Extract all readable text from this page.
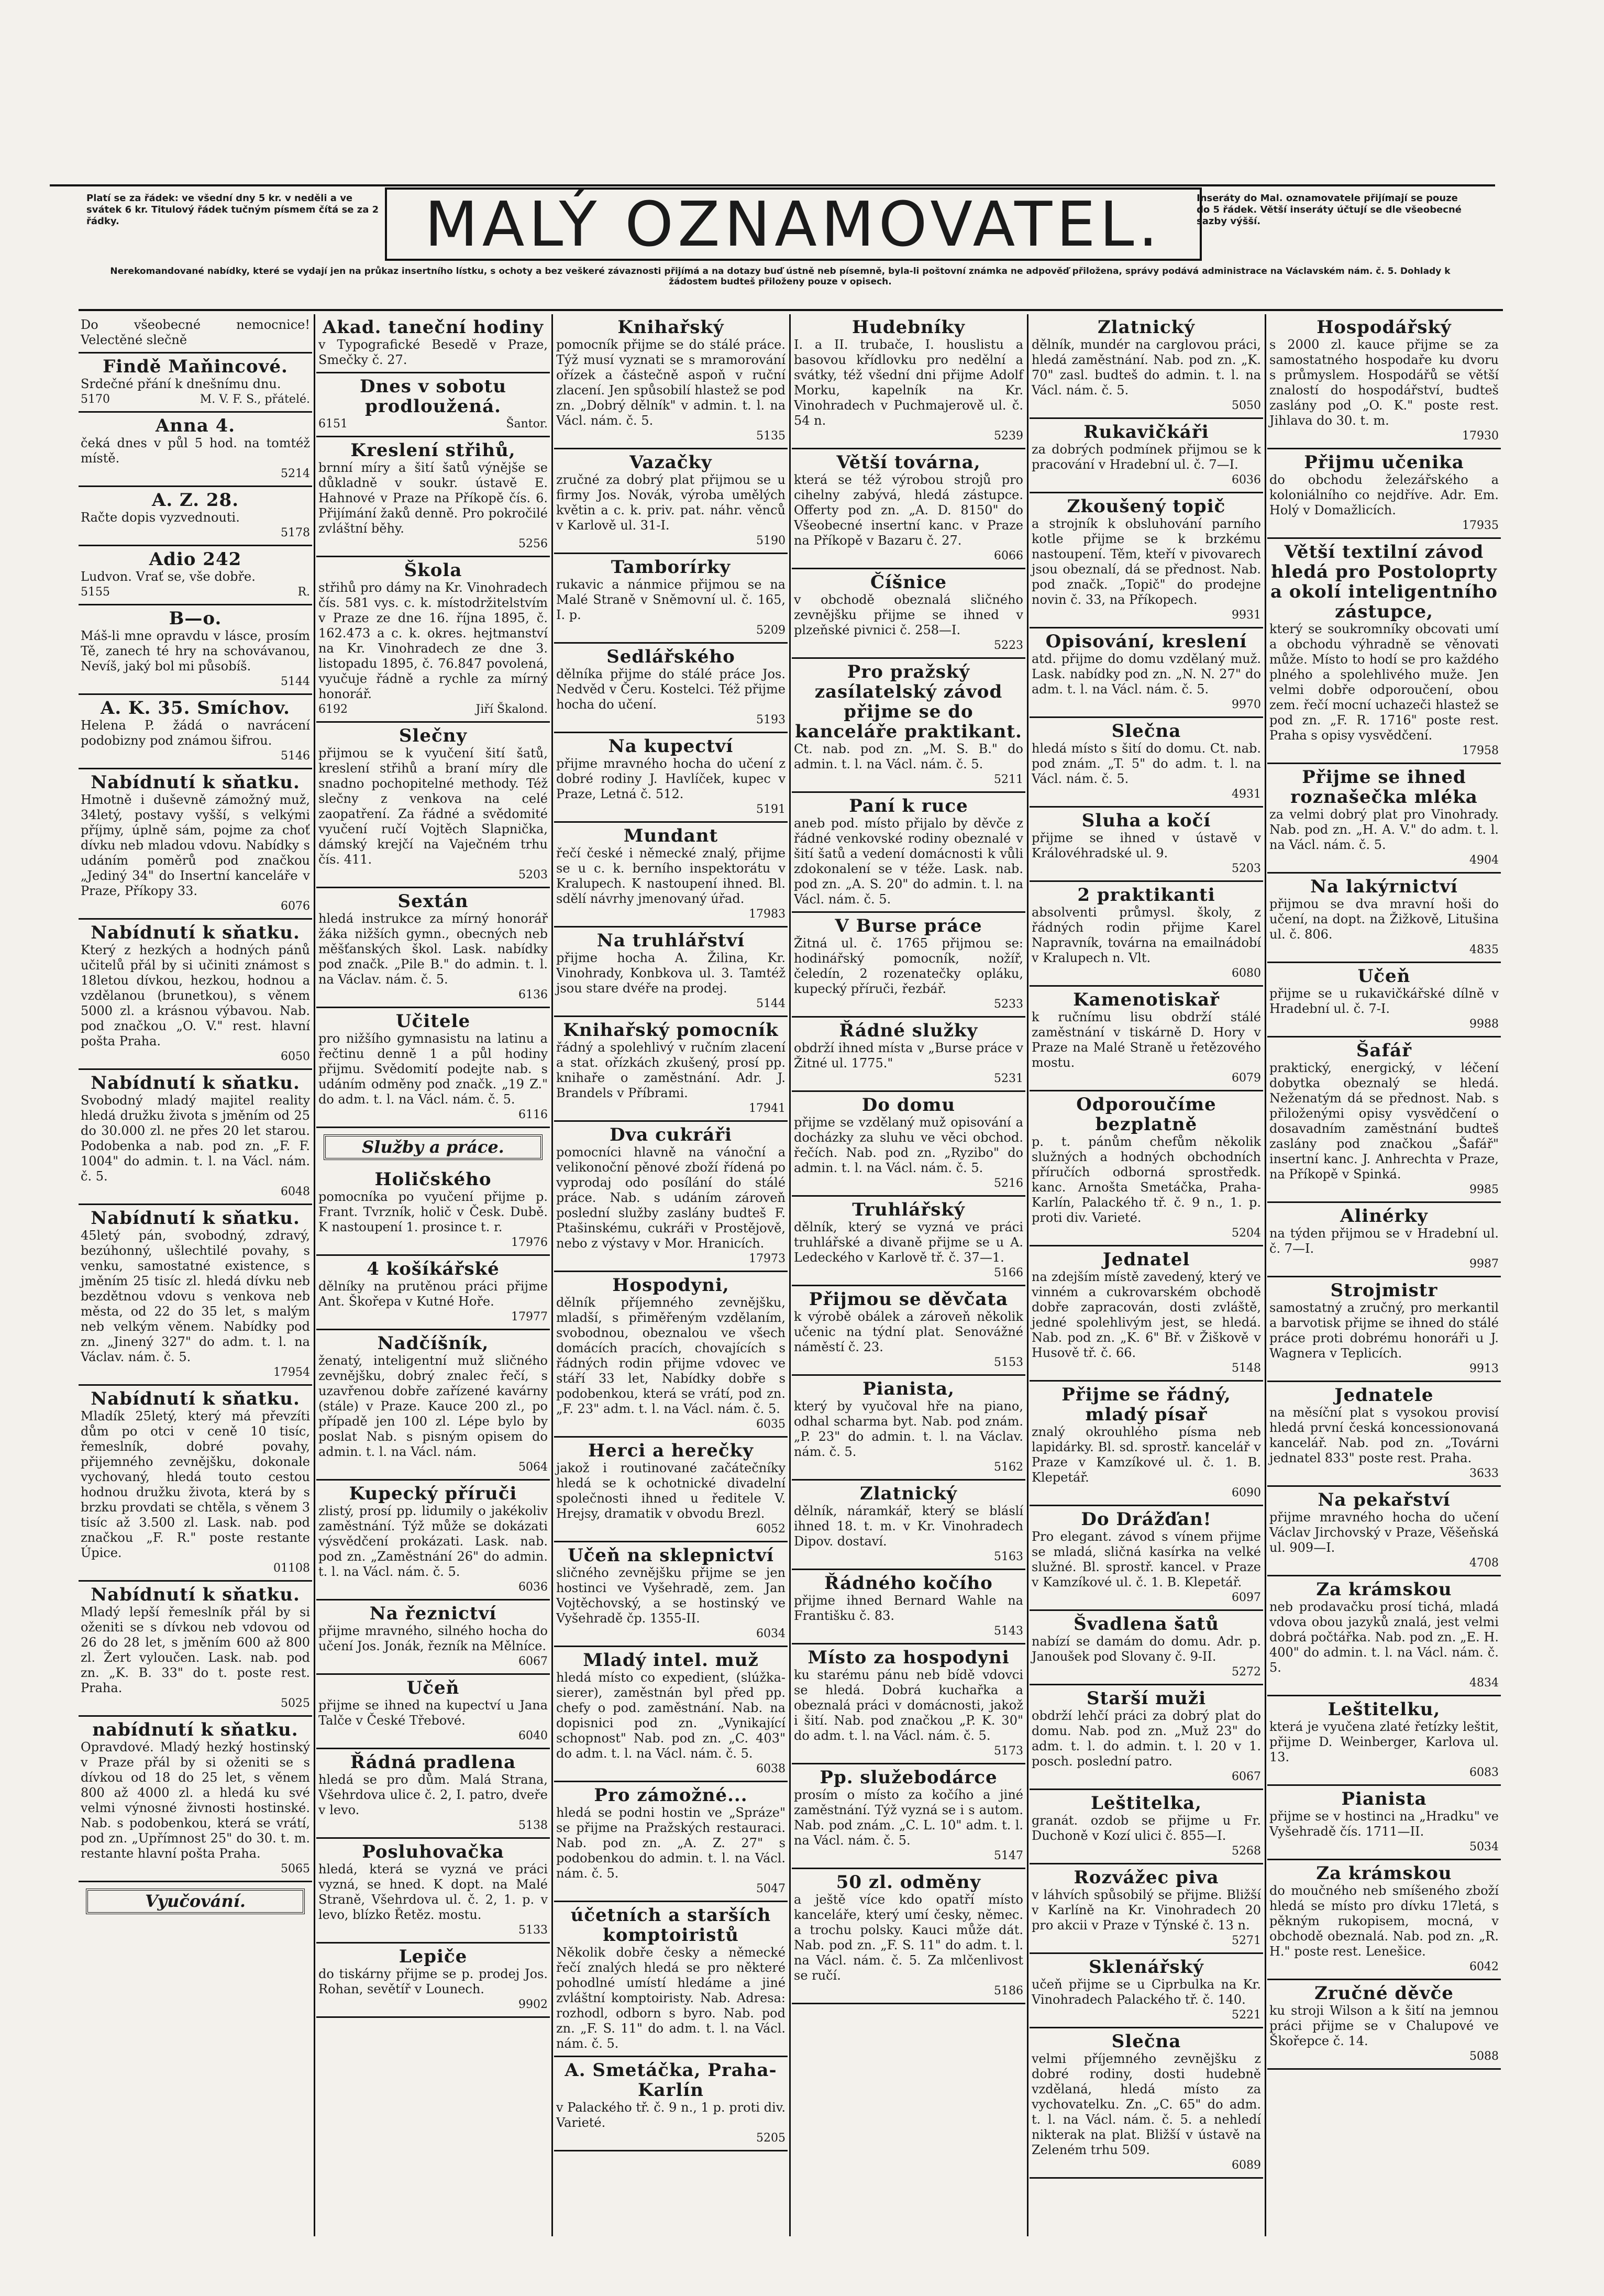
Platí se za řádek: ve všední dny 5 kr. v neděli a ve svátek 6 kr. Titulový řádek tučným písmem čítá se za 2 řádky.	MALÝ OZNAMOVATEL.	Inseráty do Mal. oznamovatele přijímají se pouze do 5 řádek. Větší inseráty účtují se dle všeobecné sazby výšší.
Nerekomandované nabídky, které se vydají jen na průkaz insertního lístku, s ochoty a bez veškeré závaznosti přijímá a na dotazy buď ústně neb písemně, byla-li poštovní známka ne adpověď přiložena, správy podává administrace na Václavském nám. č. 5. Dohlady k žádostem budteš přiloženy pouze v opisech.
Do všeobecné nemocnice! Velectěné slečně
Findě Maňincové.
Srdečné přání k dnešnímu dnu.
5170	M. V. F. S., přátelé.
Anna 4.
čeká dnes v půl 5 hod. na tomtéž místě.
5214
A. Z. 28.
Račte dopis vyzvednouti.
5178
Adio 242
Ludvon. Vrať se, vše dobře.
5155	R.
B—o.
Máš-li mne opravdu v lásce, prosím Tě, zanech té hry na schovávanou, Nevíš, jaký bol mi působíš.
5144
A. K. 35. Smíchov.
Helena P. žádá o navrácení podobizny pod známou šifrou.
5146
Nabídnutí k sňatku.
Hmotně i duševně zámožný muž, 34letý, postavy vyšší, s velkými příjmy, úplně sám, pojme za choť dívku neb mladou vdovu. Nabídky s udáním poměrů pod značkou „Jediný 34" do Insertní kanceláře v Praze, Příkopy 33.
6076
Nabídnutí k sňatku.
Který z hezkých a hodných pánů učitelů přál by si učiniti známost s 18letou dívkou, hezkou, hodnou a vzdělanou (brunetkou), s věnem 5000 zl. a krásnou výbavou. Nab. pod značkou „O. V." rest. hlavní pošta Praha.
6050
Nabídnutí k sňatku.
Svobodný mladý majitel reality hledá družku života s jměním od 25 do 30.000 zl. ne přes 20 let starou. Podobenka a nab. pod zn. „F. F. 1004" do admin. t. l. na Václ. nám. č. 5.
6048
Nabídnutí k sňatku.
45letý pán, svobodný, zdravý, bezúhonný, ušlechtilé povahy, s venku, samostatné existence, s jměním 25 tisíc zl. hledá dívku neb bezdětnou vdovu s venkova neb města, od 22 do 35 let, s malým neb velkým věnem. Nabídky pod zn. „Jinený 327" do adm. t. l. na Václav. nám. č. 5.
17954
Nabídnutí k sňatku.
Mladík 25letý, který má převzíti dům po otci v ceně 10 tisíc, řemeslník, dobré povahy, přijemného zevnějšku, dokonale vychovaný, hledá touto cestou hodnou družku života, která by s brzku provdati se chtěla, s věnem 3 tisíc až 3.500 zl. Lask. nab. pod značkou „F. R." poste restante Úpice.
01108
Nabídnutí k sňatku.
Mladý lepší řemeslník přál by si oženiti se s dívkou neb vdovou od 26 do 28 let, s jměním 600 až 800 zl. Žert vyloučen. Lask. nab. pod zn. „K. B. 33" do t. poste rest. Praha.
5025
nabídnutí k sňatku.
Opravdové. Mladý hezký hostinský v Praze přál by si oženiti se s dívkou od 18 do 25 let, s věnem 800 až 4000 zl. a hledá ku své velmi výnosné živnosti hostinské. Nab. s podobenkou, která se vrátí, pod zn. „Upřímnost 25" do 30. t. m. restante hlavní pošta Praha.
5065
Vyučování.
Akad. taneční hodiny
v Typografické Besedě v Praze, Smečky č. 27.
Dnes v sobotu prodloužená.
6151	Šantor.
Kreslení střihů,
brnní míry a šití šatů výnějše se důkladně v soukr. ústavě E. Hahnové v Praze na Příkopě čís. 6. Přijímání žaků denně. Pro pokročilé zvláštní běhy.
5256
Škola
střihů pro dámy na Kr. Vinohradech čís. 581 vys. c. k. místodržitelstvím v Praze ze dne 16. října 1895, č. 162.473 a c. k. okres. hejtmanství na Kr. Vinohradech ze dne 3. listopadu 1895, č. 76.847 povolená, vyučuje řádně a rychle za mírný honorář.
6192	Jiří Škalond.
Slečny
přijmou se k vyučení šití šatů, kreslení střihů a braní míry dle snadno pochopitelné methody. Též slečny z venkova na celé zaopatření. Za řádné a svědomité vyučení ručí Vojtěch Slapnička, dámský krejčí na Vaječném trhu čís. 411.
5203
Sextán
hledá instrukce za mírný honorář žáka nižších gymn., obecných neb měšťanských škol. Lask. nabídky pod značk. „Pile B." do admin. t. l. na Václav. nám. č. 5.
6136
Učitele
pro nižšího gymnasistu na latinu a řečtinu denně 1 a půl hodiny přijmu. Svědomití podejte nab. s udáním odměny pod značk. „19 Z." do adm. t. l. na Václ. nám. č. 5.
6116
Služby a práce.
Holičského
pomocníka po vyučení přijme p. Frant. Tvrzník, holič v Česk. Dubě. K nastoupení 1. prosince t. r.
17976
4 košíkářské
dělníky na prutěnou práci přijme Ant. Škořepa v Kutné Hoře.
17977
Nadčíšník,
ženatý, inteligentní muž sličného zevnějšku, dobrý znalec řečí, s uzavřenou dobře zařízené kavárny (stále) v Praze. Kauce 200 zl., po případě jen 100 zl. Lépe bylo by poslat Nab. s pisným opisem do admin. t. l. na Václ. nám.
5064
Kupecký příruči
zlistý, prosí pp. lidumily o jakékoliv zaměstnání. Týž může se dokázati výsvědčení prokázati. Lask. nab. pod zn. „Zaměstnání 26" do admin. t. l. na Václ. nám. č. 5.
6036
Na řeznictví
přijme mravného, silného hocha do učení Jos. Jonák, řezník na Mělníce.
6067
Učeň
přijme se ihned na kupectví u Jana Talče v České Třebové.
6040
Řádná pradlena
hledá se pro dům. Malá Strana, Všehrdova ulice č. 2, I. patro, dveře v levo.
5138
Posluhovačka
hledá, která se vyzná ve práci vyzná, se hned. K dopt. na Malé Straně, Všehrdova ul. č. 2, 1. p. v levo, blízko Řetěz. mostu.
5133
Lepiče
do tiskárny přijme se p. prodej Jos. Rohan, sevětíř v Lounech.
9902
Knihařský
pomocník přijme se do stálé práce. Týž musí vyznati se s mramorování ořízek a částečně aspoň v ruční zlacení. Jen spůsobilí hlastež se pod zn. „Dobrý dělník" v admin. t. l. na Václ. nám. č. 5.
5135
Vazačky
zručné za dobrý plat přijmou se u firmy Jos. Novák, výroba umělých květin a c. k. priv. pat. náhr. věnců v Karlově ul. 31-I.
5190
Tamborírky
rukavic a nánmice přijmou se na Malé Straně v Sněmovní ul. č. 165, I. p.
5209
Sedlářského
dělníka přijme do stálé práce Jos. Nedvěd v Čeru. Kostelci. Též přijme hocha do učení.
5193
Na kupectví
přijme mravného hocha do učení z dobré rodiny J. Havlíček, kupec v Praze, Letná č. 512.
5191
Mundant
řečí české i německé znalý, přijme se u c. k. berního inspektorátu v Kralupech. K nastoupení ihned. Bl. sdělí návrhy jmenovaný úřad.
17983
Na truhlářství
přijme hocha A. Žilina, Kr. Vinohrady, Konbkova ul. 3. Tamtéž jsou stare dvéře na prodej.
5144
Knihařský pomocník
řádný a spolehlivý v ručním zlacení a stat. ořízkách zkušený, prosí pp. knihaře o zaměstnání. Adr. J. Brandels v Příbrami.
17941
Dva cukráři
pomocníci hlavně na vánoční a velikonoční pěnové zboží řídená po vyprodaj odo posílání do stálé práce. Nab. s udáním zároveň poslední služby zaslány budteš F. Ptašinskému, cukráři v Prostějově, nebo z výstavy v Mor. Hranicích.
17973
Hospodyni,
dělník příjemného zevnějšku, mladší, s přiměřeným vzdělaním, svobodnou, obeznalou ve všech domácích pracích, chovajících s řádných rodin přijme vdovec ve stáří 33 let, Nabídky dobře s podobenkou, která se vrátí, pod zn. „F. 23" adm. t. l. na Václ. nám. č. 5.
6035
Herci a herečky
jakož i routinované začátečníky hledá se k ochotnické divadelní společnosti ihned u ředitele V. Hrejsy, dramatik v obvodu Brezl.
6052
Učeň na sklepnictví
sličného zevnějšku přijme se jen hostinci ve Vyšehradě, zem. Jan Vojtěchovský, a se hostinský ve Vyšehradě čp. 1355-II.
6034
Mladý intel. muž
hledá místo co expedient, (slúžka-sierer), zaměstnán byl před pp. chefy o pod. zaměstnání. Nab. na dopisnici pod zn. „Vynikající schopnost" Nab. pod zn. „C. 403" do adm. t. l. na Václ. nám. č. 5.
6038
Pro zámožné...
hledá se podni hostin ve „Spráze" se přijme na Pražských restauraci. Nab. pod zn. „A. Z. 27" s podobenkou do admin. t. l. na Václ. nám. č. 5.
5047
účetních a starších komptoiristů
Několik dobře česky a německé řečí znalých hledá se pro některé pohodlné umístí hledáme a jiné zvláštní komptoiristy. Nab. Adresa: rozhodl, odborn s byro. Nab. pod zn. „F. S. 11" do adm. t. l. na Václ. nám. č. 5.
A. Smetáčka, Praha-Karlín
v Palackého tř. č. 9 n., 1 p. proti div. Varieté.
5205
Hudebníky
I. a II. trubače, I. houslistu a basovou křídlovku pro nedělní a svátky, též všední dni přijme Adolf Morku, kapelník na Kr. Vinohradech v Puchmajerově ul. č. 54 n.
5239
Větší továrna,
která se též výrobou strojů pro cihelny zabývá, hledá zástupce. Offerty pod zn. „A. D. 8150" do Všeobecné insertní kanc. v Praze na Příkopě v Bazaru č. 27.
6066
Číšnice
v obchodě obeznalá sličného zevnějšku přijme se ihned v plzeňské pivnici č. 258—I.
5223
Pro pražský zasílatelský závod přijme se do kanceláře praktikant.
Ct. nab. pod zn. „M. S. B." do admin. t. l. na Václ. nám. č. 5.
5211
Paní k ruce
aneb pod. místo přijalo by děvče z řádné venkovské rodiny obeznalé v šití šatů a vedení domácnosti k vůli zdokonalení se v téže. Lask. nab. pod zn. „A. S. 20" do admin. t. l. na Václ. nám. č. 5.
V Burse práce
Žitná ul. č. 1765 přijmou se: hodinářský pomocník, nožíř, čeledín, 2 rozenatečky opláku, kupecký příruči, řezbář.
5233
Řádné služky
obdrží ihned místa v „Burse práce v Žitné ul. 1775."
5231
Do domu
přijme se vzdělaný muž opisování a docházky za sluhu ve věci obchod. řečích. Nab. pod zn. „Ryzibo" do admin. t. l. na Václ. nám. č. 5.
5216
Truhlářský
dělník, který se vyzná ve práci truhlářské a divaně přijme se u A. Ledeckého v Karlově tř. č. 37—1.
5166
Přijmou se děvčata
k výrobě obálek a zároveň několik učenic na týdní plat. Senovážné náměstí č. 23.
5153
Pianista,
který by vyučoval hře na piano, odhal scharma byt. Nab. pod znám. „P. 23" do admin. t. l. na Václav. nám. č. 5.
5162
Zlatnický
dělník, náramkář, který se bláslí ihned 18. t. m. v Kr. Vinohradech Dipov. dostaví.
5163
Řádného kočího
přijme ihned Bernard Wahle na Františku č. 83.
5143
Místo za hospodyni
ku starému pánu neb bídě vdovci se hledá. Dobrá kuchařka a obeznalá práci v domácnosti, jakož i šití. Nab. pod značkou „P. K. 30" do adm. t. l. na Václ. nám. č. 5.
5173
Pp. služebodárce
prosím o místo za kočího a jiné zaměstnání. Týž vyzná se i s autom. Nab. pod znám. „C. L. 10" adm. t. l. na Václ. nám. č. 5.
5147
50 zl. odměny
a ještě více kdo opatří místo kanceláře, který umí česky, němec. a trochu polsky. Kauci může dát. Nab. pod zn. „F. S. 11" do adm. t. l. na Václ. nám. č. 5. Za mlčenlivost se ručí.
5186
Zlatnický
dělník, mundér na carglovou práci, hledá zaměstnání. Nab. pod zn. „K. 70" zasl. budteš do admin. t. l. na Václ. nám. č. 5.
5050
Rukavičkáři
za dobrých podmínek přijmou se k pracování v Hradební ul. č. 7—I.
6036
Zkoušený topič
a strojník k obsluhování parního kotle přijme se k brzkému nastoupení. Těm, kteří v pivovarech jsou obeznalí, dá se přednost. Nab. pod značk. „Topič" do prodejne novin č. 33, na Příkopech.
9931
Opisování, kreslení
atd. přijme do domu vzdělaný muž. Lask. nabídky pod zn. „N. N. 27" do adm. t. l. na Václ. nám. č. 5.
9970
Slečna
hledá místo s šití do domu. Ct. nab. pod znám. „T. 5" do adm. t. l. na Václ. nám. č. 5.
4931
Sluha a kočí
přijme se ihned v ústavě v Královéhradské ul. 9.
5203
2 praktikanti
absolventi průmysl. školy, z řádných rodin přijme Karel Napravník, továrna na emailnádobí v Kralupech n. Vlt.
6080
Kamenotiskař
k ručnímu lisu obdrží stálé zaměstnání v tiskárně D. Hory v Praze na Malé Straně u řetězového mostu.
6079
Odporoučíme bezplatně
p. t. pánům chefům několik služných a hodných obchodních příručích odborná sprostředk. kanc. Arnošta Smetáčka, Praha-Karlín, Palackého tř. č. 9 n., 1. p. proti div. Varieté.
5204
Jednatel
na zdejším místě zavedený, který ve vinném a cukrovarském obchodě dobře zapracován, dosti zvláště, jedné spolehlivým jest, se hledá. Nab. pod zn. „K. 6" Bř. v Žiškově v Husově tř. č. 66.
5148
Přijme se řádný, mladý písař
znalý okrouhlého písma neb lapidárky. Bl. sd. sprostř. kancelář v Praze v Kamzíkové ul. č. 1. B. Klepetář.
6090
Do Drážďan!
Pro elegant. závod s vínem přijme se mladá, sličná kasírka na velké služné. Bl. sprostř. kancel. v Praze v Kamzíkové ul. č. 1. B. Klepetář.
6097
Švadlena šatů
nabízí se damám do domu. Adr. p. Janoušek pod Slovany č. 9-II.
5272
Starší muži
obdrží lehčí práci za dobrý plat do domu. Nab. pod zn. „Muž 23" do adm. t. l. do admin. t. l. 20 v 1. posch. poslední patro.
6067
Leštitelka,
granát. ozdob se přijme u Fr. Duchoně v Kozí ulici č. 855—I.
5268
Rozvážec piva
v láhvích spůsobilý se přijme. Bližší v Karlíně na Kr. Vinohradech 20 pro akcii v Praze v Týnské č. 13 n.
5271
Sklenářský
učeň přijme se u Ciprbulka na Kr. Vinohradech Palackého tř. č. 140.
5221
Slečna
velmi příjemného zevnějšku z dobré rodiny, dosti hudebně vzdělaná, hledá místo za vychovatelku. Zn. „C. 65" do adm. t. l. na Václ. nám. č. 5. a nehledí nikterak na plat. Bližší v ústavě na Zeleném trhu 509.
6089
Hospodářský
s 2000 zl. kauce přijme se za samostatného hospodaře ku dvoru s průmyslem. Hospodářů se větší znalostí do hospodářství, budteš zaslány pod „O. K." poste rest. Jihlava do 30. t. m.
17930
Přijmu učenika
do obchodu železářského a koloniálního co nejdříve. Adr. Em. Holý v Domažlicích.
17935
Větší textilní závod hledá pro Postoloprty a okolí inteligentního zástupce,
který se soukromníky obcovati umí a obchodu výhradně se věnovati může. Místo to hodí se pro každého plného a spolehlivého muže. Jen velmi dobře odporoučení, obou zem. řečí mocní uchazeči hlastež se pod zn. „F. R. 1716" poste rest. Praha s opisy vysvědčení.
17958
Přijme se ihned roznašečka mléka
za velmi dobrý plat pro Vinohrady. Nab. pod zn. „H. A. V." do adm. t. l. na Václ. nám. č. 5.
4904
Na lakýrnictví
přijmou se dva mravní hoši do učení, na dopt. na Žižkově, Litušina ul. č. 806.
4835
Učeň
přijme se u rukavičkářské dílně v Hradební ul. č. 7-I.
9988
Šafář
praktický, energický, v léčení dobytka obeznalý se hledá. Neženatým dá se přednost. Nab. s přiloženými opisy vysvědčení o dosavadním zaměstnání budteš zaslány pod značkou „Šafář" insertní kanc. J. Anhrechta v Praze, na Příkopě v Spinká.
9985
Alinérky
na týden přijmou se v Hradební ul. č. 7—I.
9987
Strojmistr
samostatný a zručný, pro merkantil a barvotisk přijme se ihned do stálé práce proti dobrému honoráři u J. Wagnera v Teplicích.
9913
Jednatele
na měsíční plat s vysokou provisí hledá první česká koncessionovaná kancelář. Nab. pod zn. „Továrni jednatel 833" poste rest. Praha.
3633
Na pekařství
přijme mravného hocha do učení Václav Jirchovský v Praze, Věšeňská ul. 909—I.
4708
Za krámskou
neb prodavačku prosí tichá, mladá vdova obou jazyků znalá, jest velmi dobrá počtářka. Nab. pod zn. „E. H. 400" do admin. t. l. na Václ. nám. č. 5.
4834
Leštitelku,
která je vyučena zlaté řetízky leštit, přijme D. Weinberger, Karlova ul. 13.
6083
Pianista
přijme se v hostinci na „Hradku" ve Vyšehradě čís. 1711—II.
5034
Za krámskou
do moučného neb smíšeného zboží hledá se místo pro dívku 17letá, s pěkným rukopisem, mocná, v obchodě obeznalá. Nab. pod zn. „R. H." poste rest. Lenešice.
6042
Zručné děvče
ku stroji Wilson a k šití na jemnou práci přijme se v Chalupové ve Škořepce č. 14.
5088
